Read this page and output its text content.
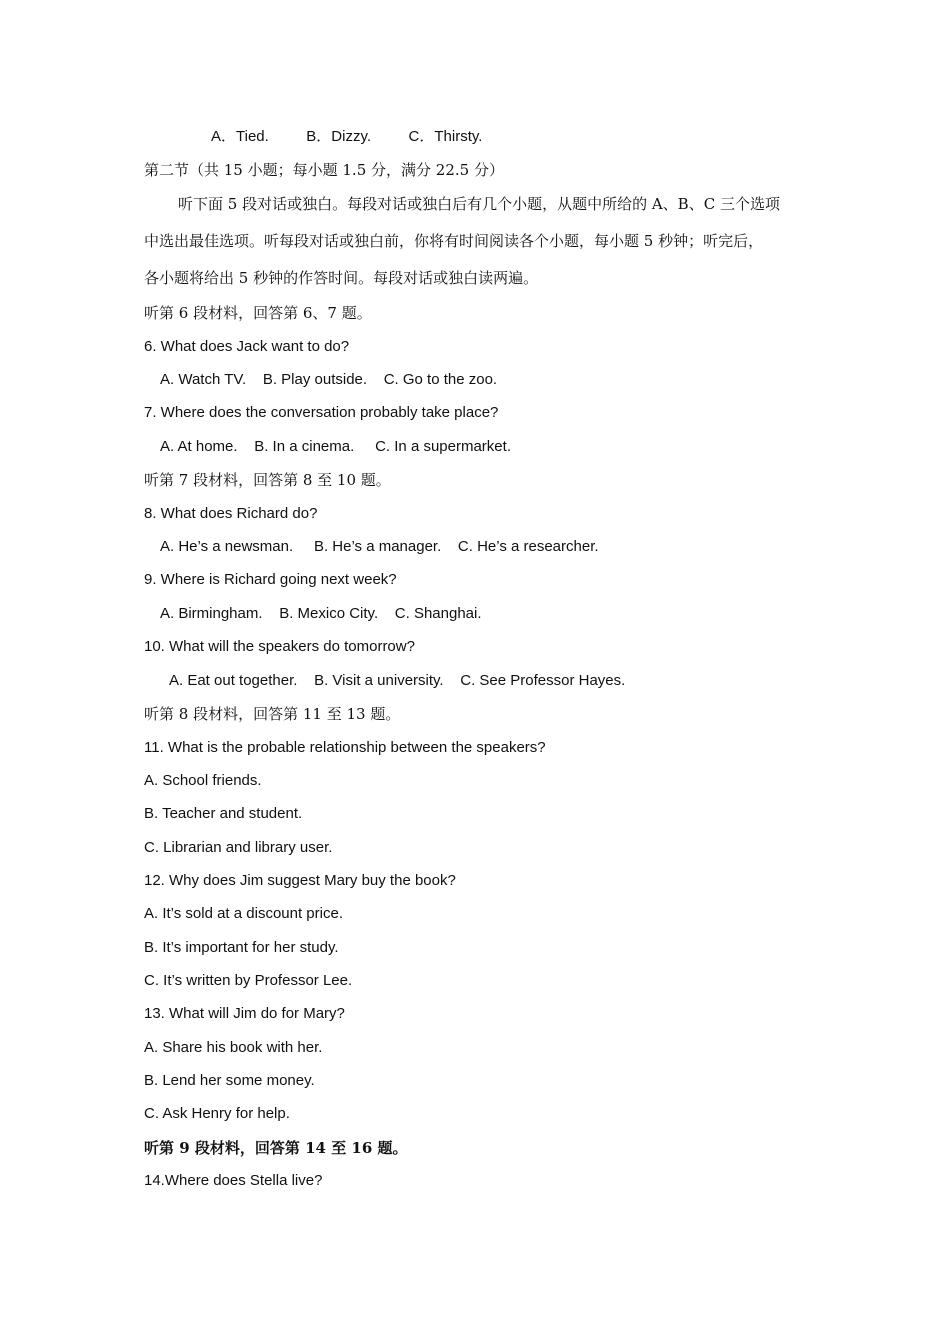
A．Tied.         B．Dizzy.         C．Thirsty.
第二节（共 15 小题；每小题 1.5 分，满分 22.5 分）
听下面 5 段对话或独白。每段对话或独白后有几个小题，从题中所给的 A、B、C 三个选项
中选出最佳选项。听每段对话或独白前，你将有时间阅读各个小题，每小题 5 秒钟；听完后，
各小题将给出 5 秒钟的作答时间。每段对话或独白读两遍。
听第 6 段材料，回答第 6、7 题。
6. What does Jack want to do?
A. Watch TV.    B. Play outside.    C. Go to the zoo.
7. Where does the conversation probably take place?
A. At home.    B. In a cinema.     C. In a supermarket.
听第 7 段材料，回答第 8 至 10 题。
8. What does Richard do?
A. He’s a newsman.     B. He’s a manager.    C. He’s a researcher.
9. Where is Richard going next week?
A. Birmingham.    B. Mexico City.    C. Shanghai.
10. What will the speakers do tomorrow?
A. Eat out together.    B. Visit a university.    C. See Professor Hayes.
听第 8 段材料，回答第 11 至 13 题。
11. What is the probable relationship between the speakers?
A. School friends.
B. Teacher and student.
C. Librarian and library user.
12. Why does Jim suggest Mary buy the book?
A. It’s sold at a discount price.
B. It’s important for her study.
C. It’s written by Professor Lee.
13. What will Jim do for Mary?
A. Share his book with her.
B. Lend her some money.
C. Ask Henry for help.
听第 9 段材料，回答第 14 至 16 题。
14.Where does Stella live?
